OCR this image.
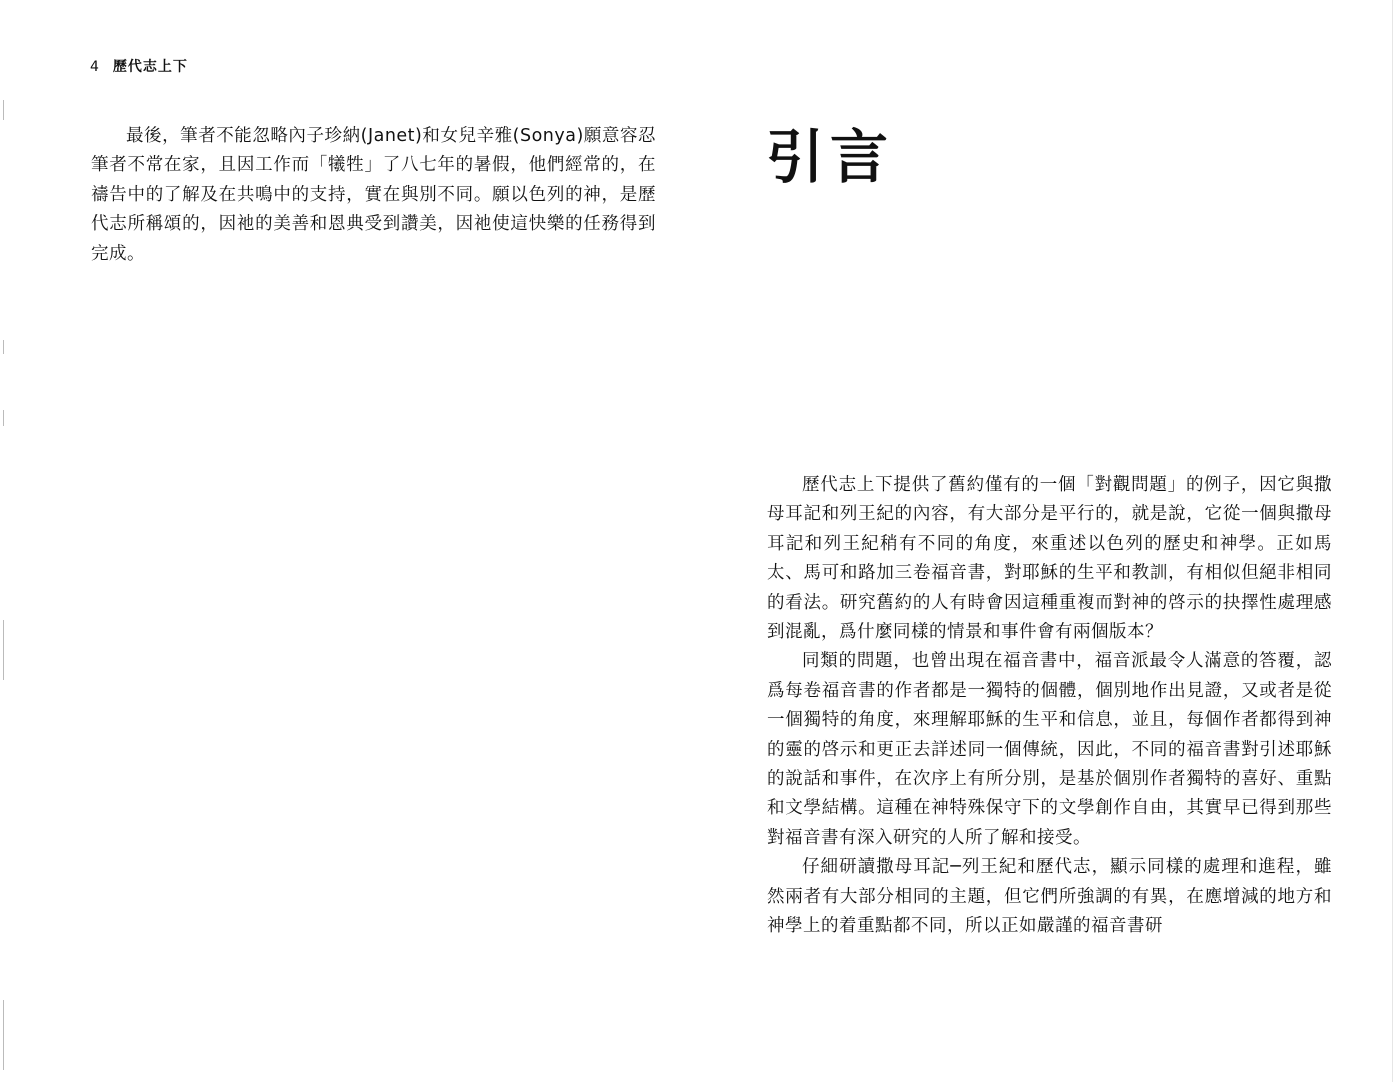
4 歷代志上下

最後，筆者不能忽略內子珍納(Janet)和女兒辛雅(Sonya)願意容忍筆者不常在家，且因工作而「犧牲」了八七年的暑假，他們經常的，在禱告中的了解及在共鳴中的支持，實在與別不同。願以色列的神，是歷代志所稱頌的，因祂的美善和恩典受到讚美，因祂使這快樂的任務得到完成。

引言

歷代志上下提供了舊約僅有的一個「對觀問題」的例子，因它與撒母耳記和列王紀的內容，有大部分是平行的，就是說，它從一個與撒母耳記和列王紀稍有不同的角度，來重述以色列的歷史和神學。正如馬太、馬可和路加三卷福音書，對耶穌的生平和教訓，有相似但絕非相同的看法。研究舊約的人有時會因這種重複而對神的啓示的抉擇性處理感到混亂，爲什麼同樣的情景和事件會有兩個版本？

同類的問題，也曾出現在福音書中，福音派最令人滿意的答覆，認爲每卷福音書的作者都是一獨特的個體，個別地作出見證，又或者是從一個獨特的角度，來理解耶穌的生平和信息，並且，每個作者都得到神的靈的啓示和更正去詳述同一個傳統，因此，不同的福音書對引述耶穌的說話和事件，在次序上有所分別，是基於個別作者獨特的喜好、重點和文學結構。這種在神特殊保守下的文學創作自由，其實早已得到那些對福音書有深入研究的人所了解和接受。

仔細研讀撒母耳記─列王紀和歷代志，顯示同樣的處理和進程，雖然兩者有大部分相同的主題，但它們所強調的有異，在應增減的地方和神學上的着重點都不同，所以正如嚴謹的福音書研
